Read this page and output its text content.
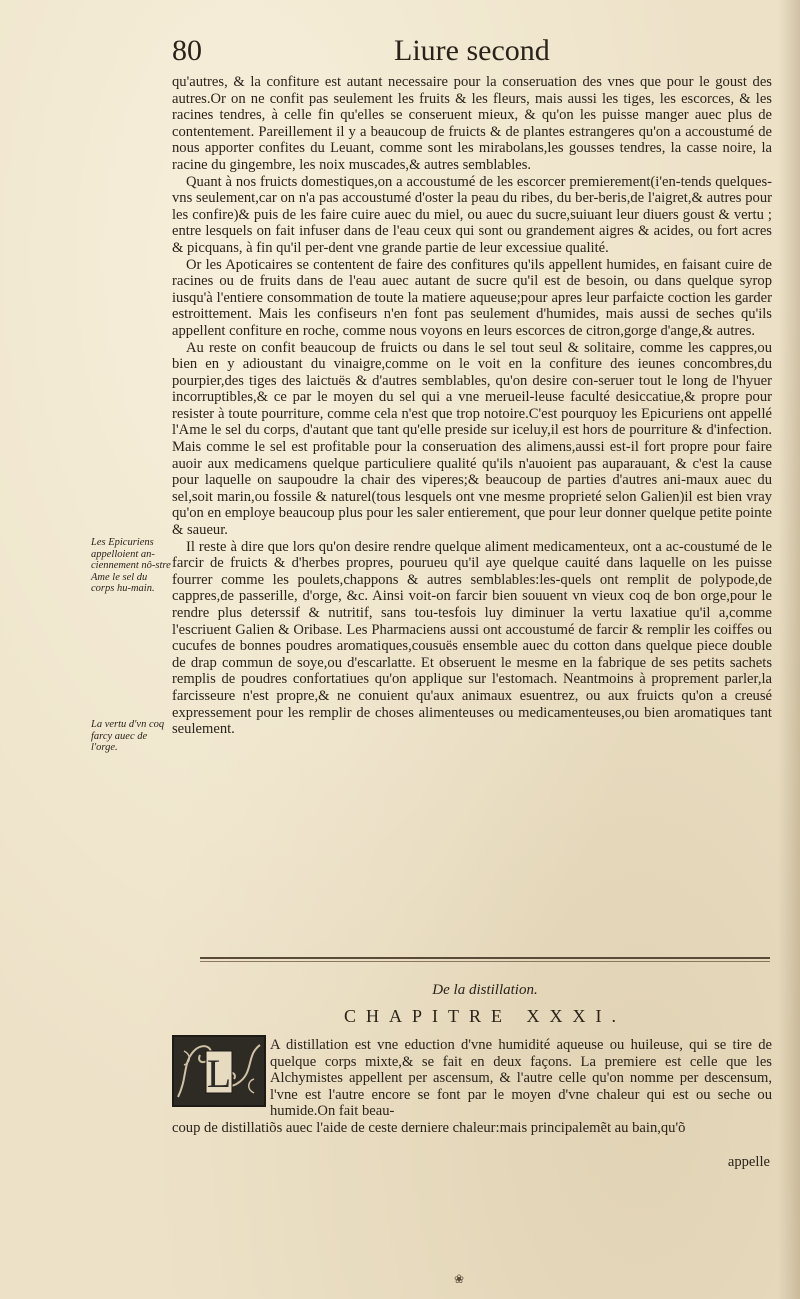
80	Liure second

qu'autres, & la confiture est autant necessaire pour la conseruation des vnes que pour le goust des autres.Or on ne confit pas seulement les fruits & les fleurs, mais aussi les tiges, les escorces, & les racines tendres, à celle fin qu'elles se conseruent mieux, & qu'on les puisse manger auec plus de contentement. Pareillement il y a beaucoup de fruicts & de plantes estrangeres qu'on a accoustumé de nous apporter confites du Leuant, comme sont les mirabolans,les gousses tendres, la casse noire, la racine du gingembre, les noix muscades,& autres semblables.

Quant à nos fruicts domestiques,on a accoustumé de les escorcer premierement(i'en-tends quelques-vns seulement,car on n'a pas accoustumé d'oster la peau du ribes, du ber-beris,de l'aigret,& autres pour les confire)& puis de les faire cuire auec du miel, ou auec du sucre,suiuant leur diuers goust & vertu ; entre lesquels on fait infuser dans de l'eau ceux qui sont ou grandement aigres & acides, ou fort acres & picquans, à fin qu'il per-dent vne grande partie de leur excessiue qualité.

Or les Apoticaires se contentent de faire des confitures qu'ils appellent humides, en faisant cuire de racines ou de fruits dans de l'eau auec autant de sucre qu'il est de besoin, ou dans quelque syrop iusqu'à l'entiere consommation de toute la matiere aqueuse;pour apres leur parfaicte coction les garder estroittement. Mais les confiseurs n'en font pas seulement d'humides, mais aussi de seches qu'ils appellent confiture en roche, comme nous voyons en leurs escorces de citron,gorge d'ange,& autres.

Au reste on confit beaucoup de fruicts ou dans le sel tout seul & solitaire, comme les cappres,ou bien en y adioustant du vinaigre,comme on le voit en la confiture des ieunes concombres,du pourpier,des tiges des laictuës & d'autres semblables, qu'on desire con-seruer tout le long de l'hyuer incorruptibles,& ce par le moyen du sel qui a vne merueil-leuse faculté desiccatiue,& propre pour resister à toute pourriture, comme cela n'est que trop notoire.C'est pourquoy les Epicuriens ont appellé l'Ame le sel du corps, d'autant que tant qu'elle preside sur iceluy,il est hors de pourriture & d'infection. Mais comme le sel est profitable pour la conseruation des alimens,aussi est-il fort propre pour faire auoir aux medicamens quelque particuliere qualité qu'ils n'auoient pas auparauant, & c'est la cause pour laquelle on saupoudre la chair des viperes;& beaucoup de parties d'autres ani-maux auec du sel,soit marin,ou fossile & naturel(tous lesquels ont vne mesme proprieté selon Galien)il est bien vray qu'on en employe beaucoup plus pour les saler entierement, que pour leur donner quelque petite pointe & saueur.

Il reste à dire que lors qu'on desire rendre quelque aliment medicamenteux, ont a ac-coustumé de le farcir de fruicts & d'herbes propres, pourueu qu'il aye quelque cauité dans laquelle on les puisse fourrer comme les poulets,chappons & autres semblables:les-quels ont remplit de polypode,de cappres,de passerille, d'orge, &c. Ainsi voit-on farcir bien souuent vn vieux coq de bon orge,pour le rendre plus deterssif & nutritif, sans tou-tesfois luy diminuer la vertu laxatiue qu'il a,comme l'escriuent Galien & Oribase. Les Pharmaciens aussi ont accoustumé de farcir & remplir les coiffes ou cucufes de bonnes poudres aromatiques,cousuës ensemble auec du cotton dans quelque piece double de drap commun de soye,ou d'escarlatte. Et obseruent le mesme en la fabrique de ses petits sachets remplis de poudres confortatiues qu'on applique sur l'estomach. Neantmoins à proprement parler,la farcisseure n'est propre,& ne conuient qu'aux animaux esuentrez, ou aux fruicts qu'on a creusé expressement pour les remplir de choses alimenteuses ou medicamenteuses,ou bien aromatiques tant seulement.

Les Epicuriens appelloient an-ciennement nô-stre Ame le sel du corps hu-main.
La vertu d'vn coq farcy auec de l'orge.
De la distillation.
CHAPITRE XXXI.
L
A distillation est vne eduction d'vne humidité aqueuse ou huileuse, qui se tire de quelque corps mixte,& se fait en deux façons. La premiere est celle que les Alchymistes appellent per ascensum, & l'autre celle qu'on nomme per descensum, l'vne est l'autre encore se font par le moyen d'vne chaleur qui est ou seche ou humide.On fait beau-
coup de distillatiõs auec l'aide de ceste derniere chaleur:mais principalemẽt au bain,qu'õ
appelle
❀
